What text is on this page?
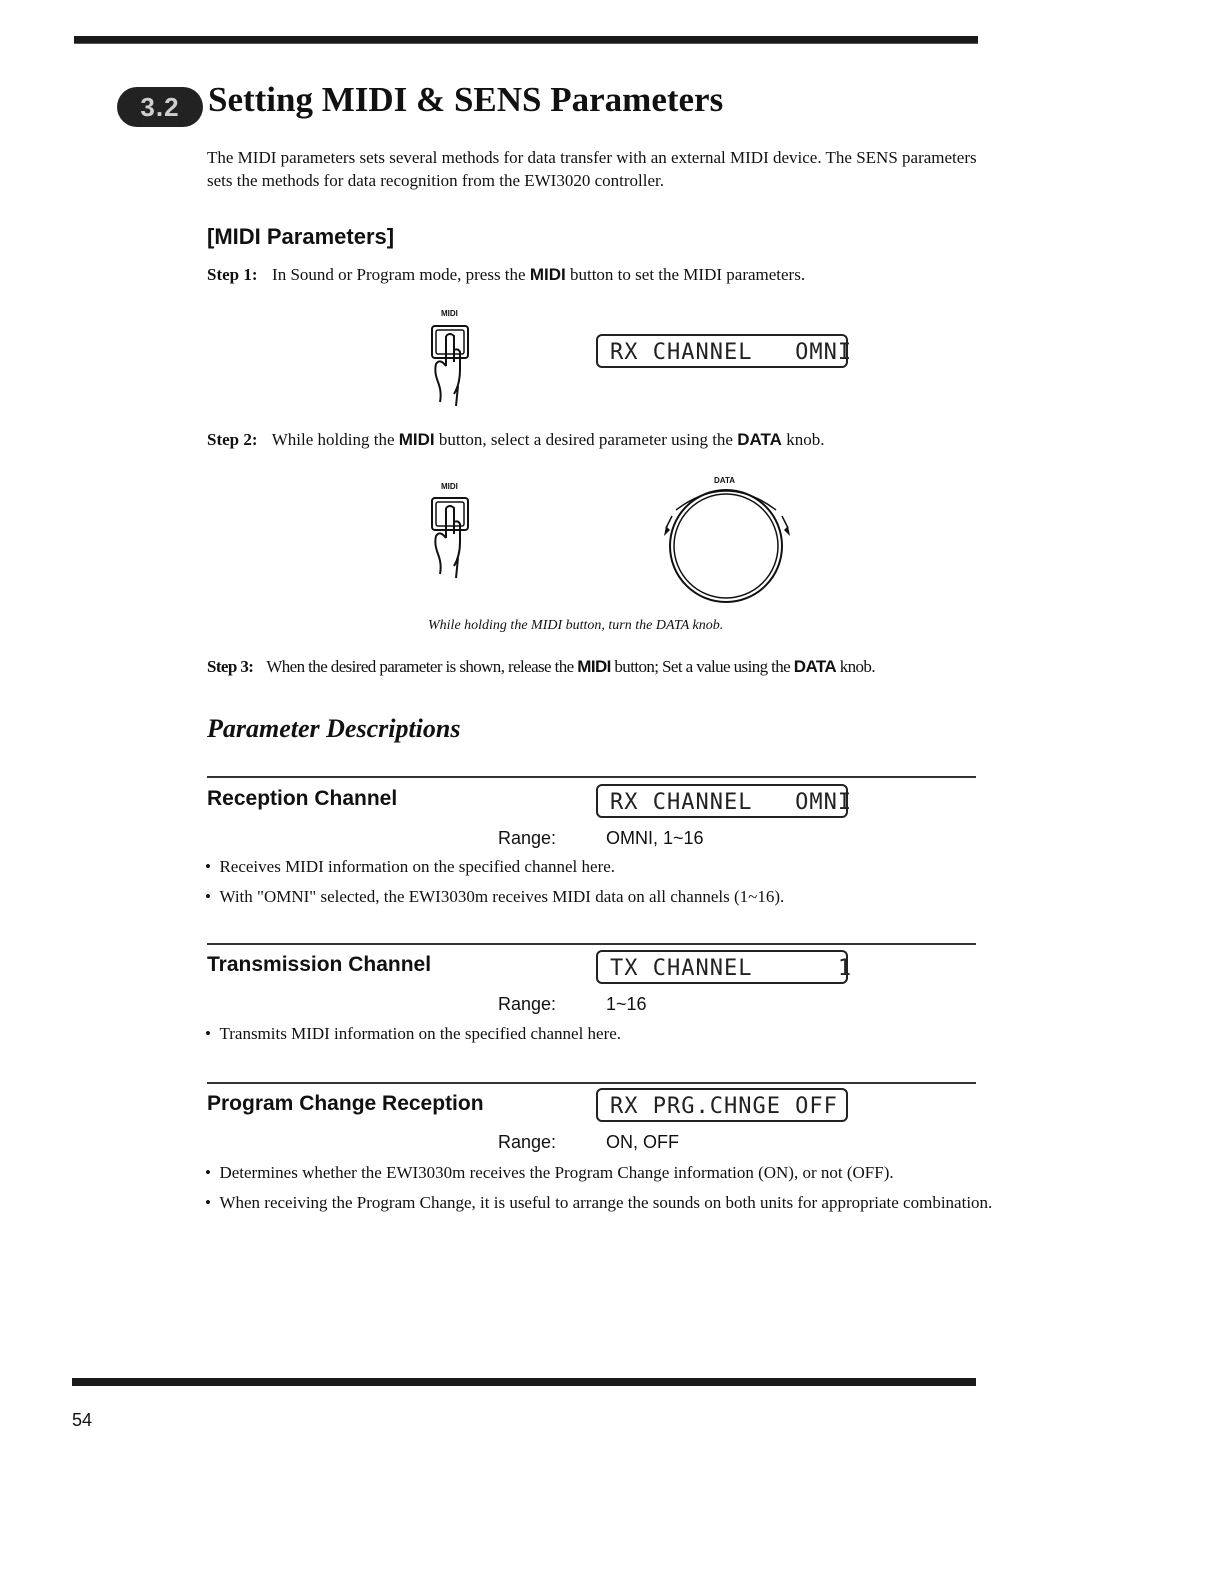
3.2 Setting MIDI & SENS Parameters
The MIDI parameters sets several methods for data transfer with an external MIDI device. The SENS parameters sets the methods for data recognition from the EWI3020 controller.
[MIDI Parameters]
Step 1: In Sound or Program mode, press the MIDI button to set the MIDI parameters.
MIDI
RX CHANNEL   OMNI
Step 2: While holding the MIDI button, select a desired parameter using the DATA knob.
MIDI
DATA
While holding the MIDI button, turn the DATA knob.
Step 3: When the desired parameter is shown, release the MIDI button; Set a value using the DATA knob.
Parameter Descriptions
Reception Channel	RX CHANNEL   OMNI
Range:	OMNI, 1~16
•  Receives MIDI information on the specified channel here.
•  With "OMNI" selected, the EWI3030m receives MIDI data on all channels (1~16).
Transmission Channel	TX CHANNEL      1
Range:	1~16
•  Transmits MIDI information on the specified channel here.
Program Change Reception	RX PRG.CHNGE OFF
Range:	ON, OFF
•  Determines whether the EWI3030m receives the Program Change information (ON), or not (OFF).
•  When receiving the Program Change, it is useful to arrange the sounds on both units for appropriate combination.
54
